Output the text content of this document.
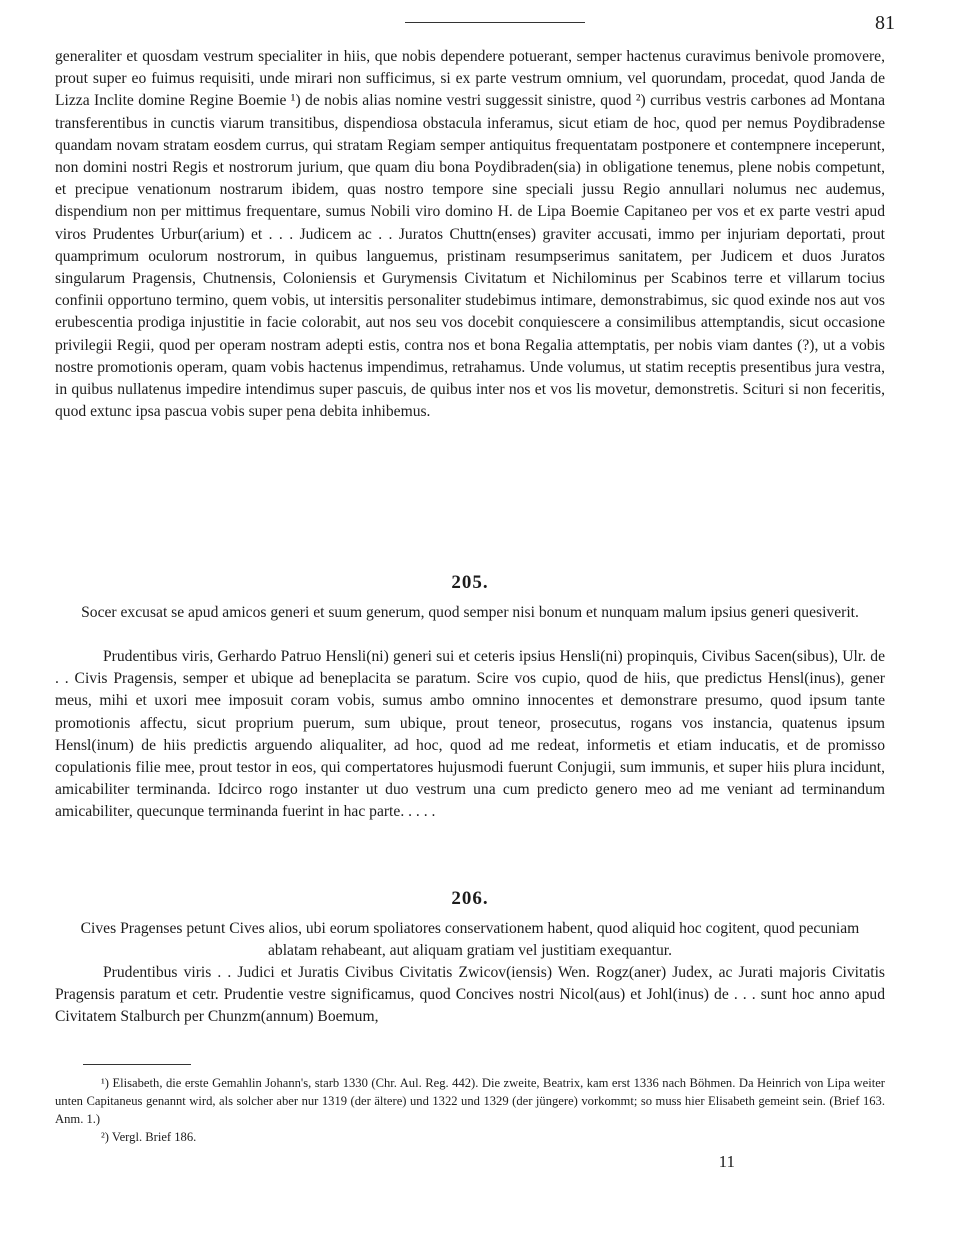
81

generaliter et quosdam vestrum specialiter in hiis, que nobis dependere potuerant, semper hactenus curavimus benivole promovere, prout super eo fuimus requisiti, unde mirari non sufficimus, si ex parte vestrum omnium, vel quorundam, procedat, quod Janda de Lizza Inclite domine Regine Boemie ¹) de nobis alias nomine vestri suggessit sinistre, quod ²) curribus vestris carbones ad Montana transferentibus in cunctis viarum transitibus, dispendiosa obstacula inferamus, sicut etiam de hoc, quod per nemus Poydibradense quandam novam stratam eosdem currus, qui stratam Regiam semper antiquitus frequentatam postponere et contempnere inceperunt, non domini nostri Regis et nostrorum jurium, que quam diu bona Poydibraden(sia) in obligatione tenemus, plene nobis competunt, et precipue venationum nostrarum ibidem, quas nostro tempore sine speciali jussu Regio annullari nolumus nec audemus, dispendium non per mittimus frequentare, sumus Nobili viro domino H. de Lipa Boemie Capitaneo per vos et ex parte vestri apud viros Prudentes Urbur(arium) et . . . Judicem ac . . Juratos Chuttn(enses) graviter accusati, immo per injuriam deportati, prout quamprimum oculorum nostrorum, in quibus languemus, pristinam resumpserimus sanitatem, per Judicem et duos Juratos singularum Pragensis, Chutnensis, Coloniensis et Gurymensis Civitatum et Nichilominus per Scabinos terre et villarum tocius confinii opportuno termino, quem vobis, ut intersitis personaliter studebimus intimare, demonstrabimus, sic quod exinde nos aut vos erubescentia prodiga injustitie in facie colorabit, aut nos seu vos docebit conquiescere a consimilibus attemptandis, sicut occasione privilegii Regii, quod per operam nostram adepti estis, contra nos et bona Regalia attemptatis, per nobis viam dantes (?), ut a vobis nostre promotionis operam, quam vobis hactenus impendimus, retrahamus. Unde volumus, ut statim receptis presentibus jura vestra, in quibus nullatenus impedire intendimus super pascuis, de quibus inter nos et vos lis movetur, demonstretis. Sciturі si non feceritis, quod extunc ipsa pascua vobis super pena debita inhibemus.

205.
Socer excusat se apud amicos generi et suum generum, quod semper nisi bonum et nunquam malum ipsius generi quesiverit.
Prudentibus viris, Gerhardo Patruo Hensli(ni) generi sui et ceteris ipsius Hensli(ni) propinquis, Civibus Sacen(sibus), Ulr. de . . Civis Pragensis, semper et ubique ad beneplacita se paratum. Scire vos cupio, quod de hiis, que predictus Hensl(inus), gener meus, mihi et uxori mee imposuit coram vobis, sumus ambo omnino innocentes et demonstrare presumo, quod ipsum tante promotionis affectu, sicut proprium puerum, sum ubique, prout teneor, prosecutus, rogans vos instancia, quatenus ipsum Hensl(inum) de hiis predictis arguendo aliqualiter, ad hoc, quod ad me redeat, informetis et etiam inducatis, et de promisso copulationis filie mee, prout testor in eos, qui compertatores hujusmodi fuerunt Conjugii, sum immunis, et super hiis plura incidunt, amicabiliter terminanda. Idcirco rogo instanter ut duo vestrum una cum predicto genero meo ad me veniant ad terminandum amicabiliter, quecunque terminanda fuerint in hac parte. . . . .
206.
Cives Pragenses petunt Cives alios, ubi eorum spoliatores conservationem habent, quod aliquid hoc cogitent, quod pecuniam ablatam rehabeant, aut aliquam gratiam vel justitiam exequantur.
Prudentibus viris . . Judici et Juratis Civibus Civitatis Zwicov(iensis) Wen. Rogz(aner) Judex, ac Jurati majoris Civitatis Pragensis paratum et cetr. Prudentie vestre significamus, quod Concives nostri Nicol(aus) et Johl(inus) de . . . sunt hoc anno apud Civitatem Stalburch per Chunzm(annum) Boemum,

¹) Elisabeth, die erste Gemahlin Johann's, starb 1330 (Chr. Aul. Reg. 442). Die zweite, Beatrix, kam erst 1336 nach Böhmen. Da Heinrich von Lipa weiter unten Capitaneus genannt wird, als solcher aber nur 1319 (der ältere) und 1322 und 1329 (der jüngere) vorkommt; so muss hier Elisabeth gemeint sein. (Brief 163. Anm. 1.)

²) Vergl. Brief 186.

11
